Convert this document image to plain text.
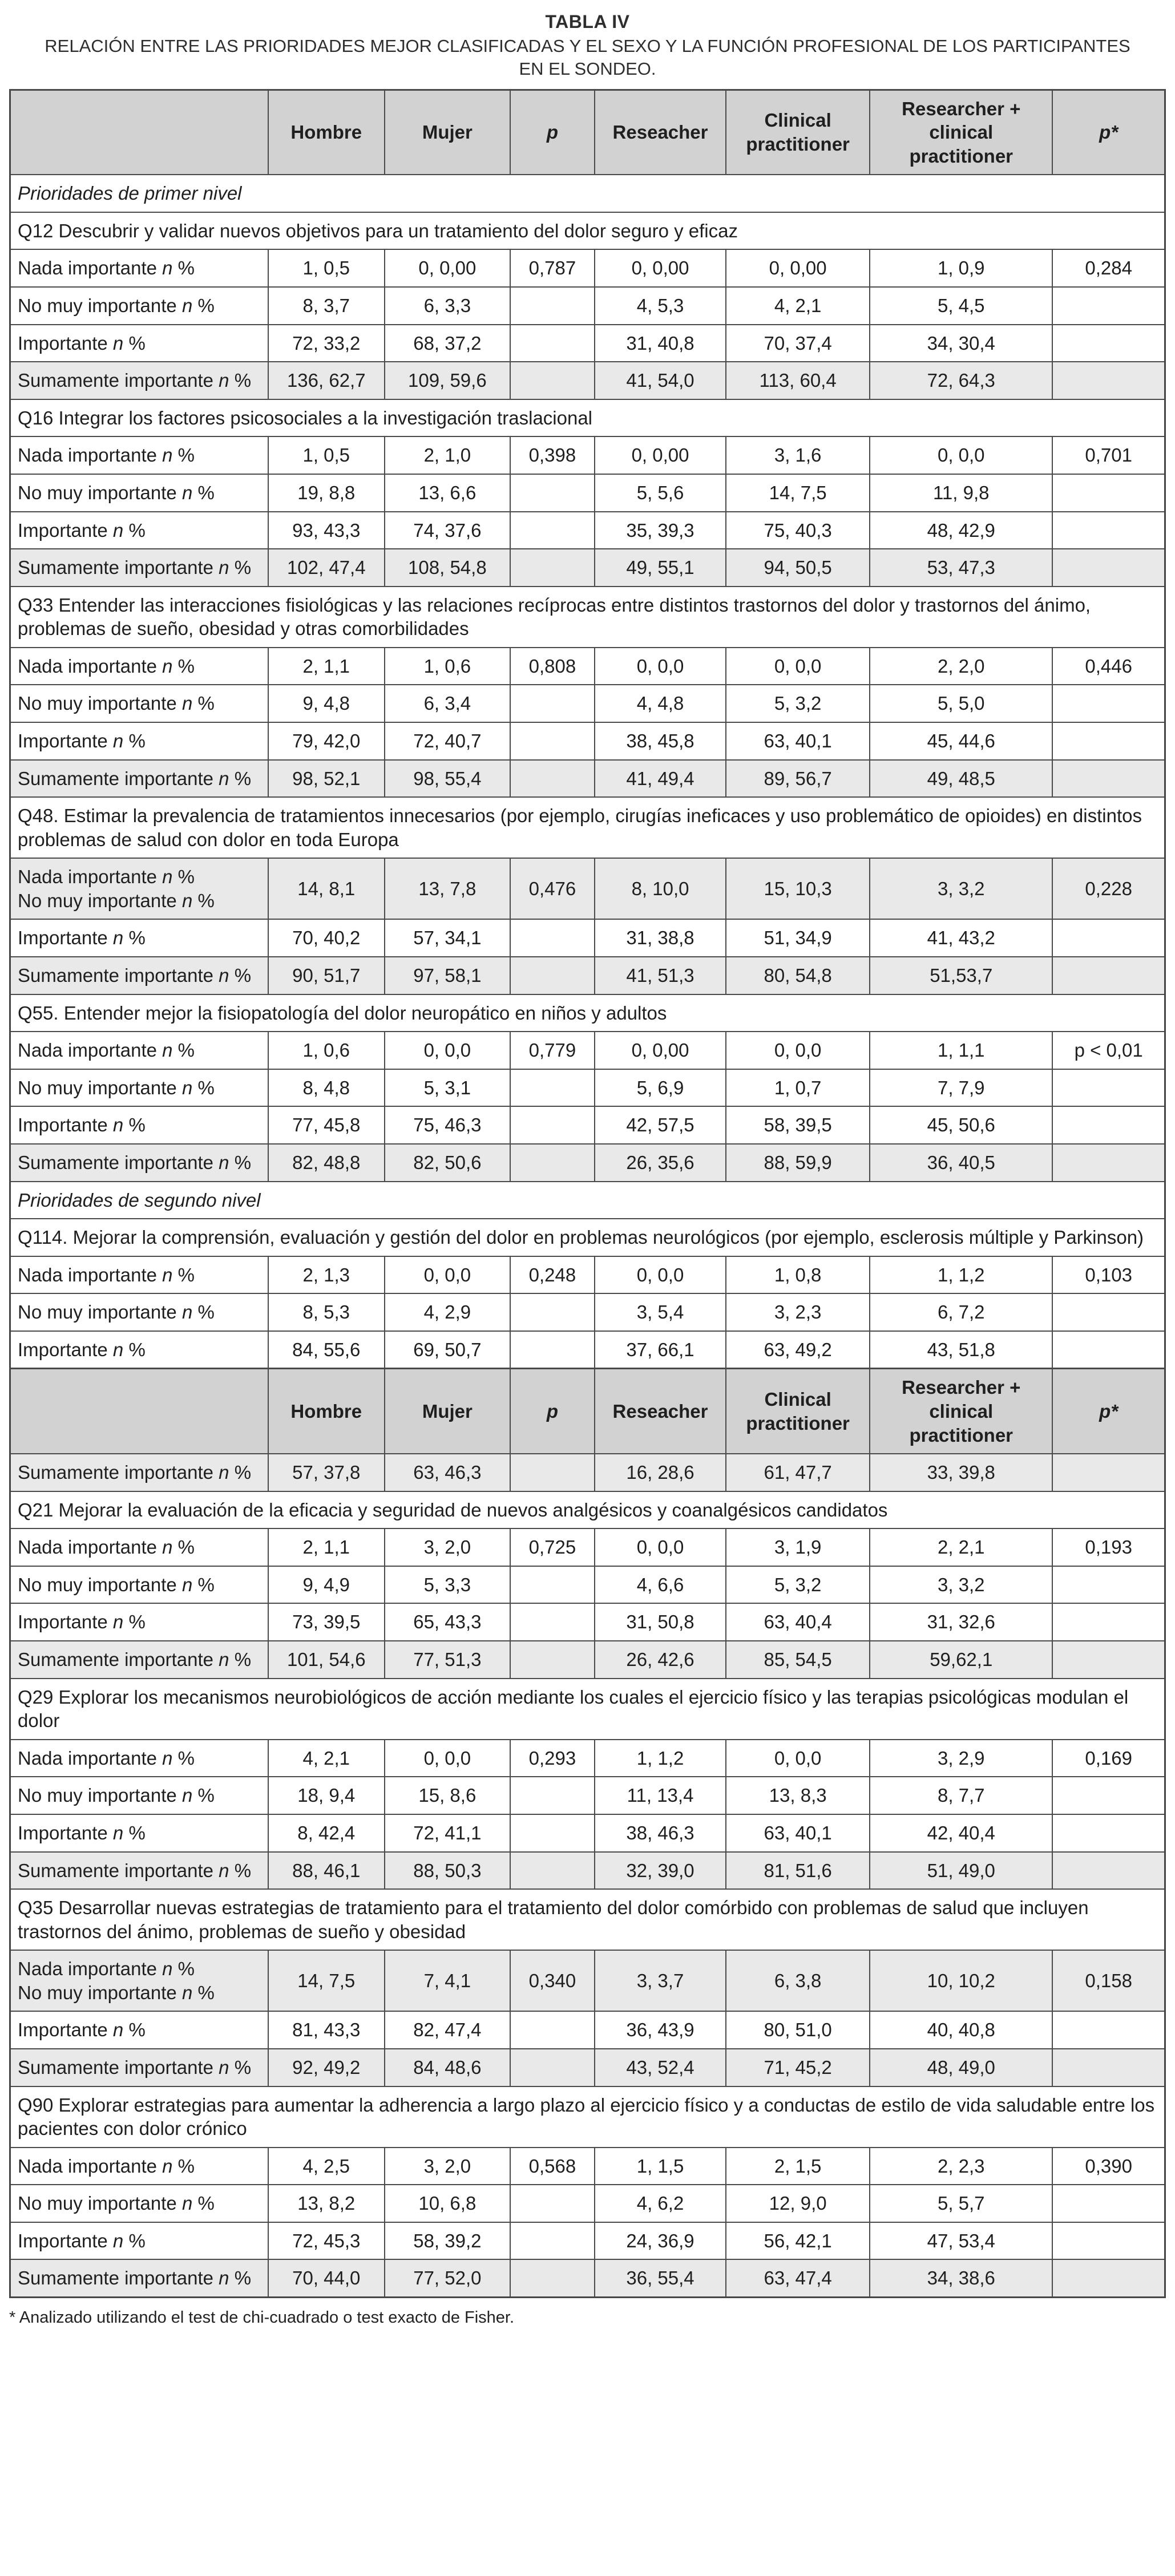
TABLA IV
RELACIÓN ENTRE LAS PRIORIDADES MEJOR CLASIFICADAS Y EL SEXO Y LA FUNCIÓN PROFESIONAL DE LOS PARTICIPANTES EN EL SONDEO.
	Hombre	Mujer	p	Reseacher	Clinical practitioner	Researcher + clinical practitioner	p*
Prioridades de primer nivel							
Q12 Descubrir y validar nuevos objetivos para un tratamiento del dolor seguro y eficaz							
Nada importante n %	1, 0,5	0, 0,00	0,787	0, 0,00	0, 0,00	1, 0,9	0,284
No muy importante n %	8, 3,7	6, 3,3		4, 5,3	4, 2,1	5, 4,5	
Importante n %	72, 33,2	68, 37,2		31, 40,8	70, 37,4	34, 30,4	
Sumamente importante n %	136, 62,7	109, 59,6		41, 54,0	113, 60,4	72, 64,3	
Q16 Integrar los factores psicosociales a la investigación traslacional							
Nada importante n %	1, 0,5	2, 1,0	0,398	0, 0,00	3, 1,6	0, 0,0	0,701
No muy importante n %	19, 8,8	13, 6,6		5, 5,6	14, 7,5	11, 9,8	
Importante n %	93, 43,3	74, 37,6		35, 39,3	75, 40,3	48, 42,9	
Sumamente importante n %	102, 47,4	108, 54,8		49, 55,1	94, 50,5	53, 47,3	
Q33 Entender las interacciones fisiológicas y las relaciones recíprocas entre distintos trastornos del dolor y trastornos del ánimo, problemas de sueño, obesidad y otras comorbilidades							
Nada importante n %	2, 1,1	1, 0,6	0,808	0, 0,0	0, 0,0	2, 2,0	0,446
No muy importante n %	9, 4,8	6, 3,4		4, 4,8	5, 3,2	5, 5,0	
Importante n %	79, 42,0	72, 40,7		38, 45,8	63, 40,1	45, 44,6	
Sumamente importante n %	98, 52,1	98, 55,4		41, 49,4	89, 56,7	49, 48,5	
Q48. Estimar la prevalencia de tratamientos innecesarios (por ejemplo, cirugías ineficaces y uso problemático de opioides) en distintos problemas de salud con dolor en toda Europa							
Nada importante n %
No muy importante n %	14, 8,1	13, 7,8	0,476	8, 10,0	15, 10,3	3, 3,2	0,228
Importante n %	70, 40,2	57, 34,1		31, 38,8	51, 34,9	41, 43,2	
Sumamente importante n %	90, 51,7	97, 58,1		41, 51,3	80, 54,8	51,53,7	
Q55. Entender mejor la fisiopatología del dolor neuropático en niños y adultos							
Nada importante n %	1, 0,6	0, 0,0	0,779	0, 0,00	0, 0,0	1, 1,1	p < 0,01
No muy importante n %	8, 4,8	5, 3,1		5, 6,9	1, 0,7	7, 7,9	
Importante n %	77, 45,8	75, 46,3		42, 57,5	58, 39,5	45, 50,6	
Sumamente importante n %	82, 48,8	82, 50,6		26, 35,6	88, 59,9	36, 40,5	
Prioridades de segundo nivel							
Q114. Mejorar la comprensión, evaluación y gestión del dolor en problemas neurológicos (por ejemplo, esclerosis múltiple y Parkinson)							
Nada importante n %	2, 1,3	0, 0,0	0,248	0, 0,0	1, 0,8	1, 1,2	0,103
No muy importante n %	8, 5,3	4, 2,9		3, 5,4	3, 2,3	6, 7,2	
Importante n %	84, 55,6	69, 50,7		37, 66,1	63, 49,2	43, 51,8	
	Hombre	Mujer	p	Reseacher	Clinical practitioner	Researcher + clinical practitioner	p*
Sumamente importante n %	57, 37,8	63, 46,3		16, 28,6	61, 47,7	33, 39,8	
Q21 Mejorar la evaluación de la eficacia y seguridad de nuevos analgésicos y coanalgésicos candidatos							
Nada importante n %	2, 1,1	3, 2,0	0,725	0, 0,0	3, 1,9	2, 2,1	0,193
No muy importante n %	9, 4,9	5, 3,3		4, 6,6	5, 3,2	3, 3,2	
Importante n %	73, 39,5	65, 43,3		31, 50,8	63, 40,4	31, 32,6	
Sumamente importante n %	101, 54,6	77, 51,3		26, 42,6	85, 54,5	59,62,1	
Q29 Explorar los mecanismos neurobiológicos de acción mediante los cuales el ejercicio físico y las terapias psicológicas modulan el dolor							
Nada importante n %	4, 2,1	0, 0,0	0,293	1, 1,2	0, 0,0	3, 2,9	0,169
No muy importante n %	18, 9,4	15, 8,6		11, 13,4	13, 8,3	8, 7,7	
Importante n %	8, 42,4	72, 41,1		38, 46,3	63, 40,1	42, 40,4	
Sumamente importante n %	88, 46,1	88, 50,3		32, 39,0	81, 51,6	51, 49,0	
Q35 Desarrollar nuevas estrategias de tratamiento para el tratamiento del dolor comórbido con problemas de salud que incluyen trastornos del ánimo, problemas de sueño y obesidad							
Nada importante n %
No muy importante n %	14, 7,5	7, 4,1	0,340	3, 3,7	6, 3,8	10, 10,2	0,158
Importante n %	81, 43,3	82, 47,4		36, 43,9	80, 51,0	40, 40,8	
Sumamente importante n %	92, 49,2	84, 48,6		43, 52,4	71, 45,2	48, 49,0	
Q90 Explorar estrategias para aumentar la adherencia a largo plazo al ejercicio físico y a conductas de estilo de vida saludable entre los pacientes con dolor crónico							
Nada importante n %	4, 2,5	3, 2,0	0,568	1, 1,5	2, 1,5	2, 2,3	0,390
No muy importante n %	13, 8,2	10, 6,8		4, 6,2	12, 9,0	5, 5,7	
Importante n %	72, 45,3	58, 39,2		24, 36,9	56, 42,1	47, 53,4	
Sumamente importante n %	70, 44,0	77, 52,0		36, 55,4	63, 47,4	34, 38,6	
* Analizado utilizando el test de chi-cuadrado o test exacto de Fisher.
